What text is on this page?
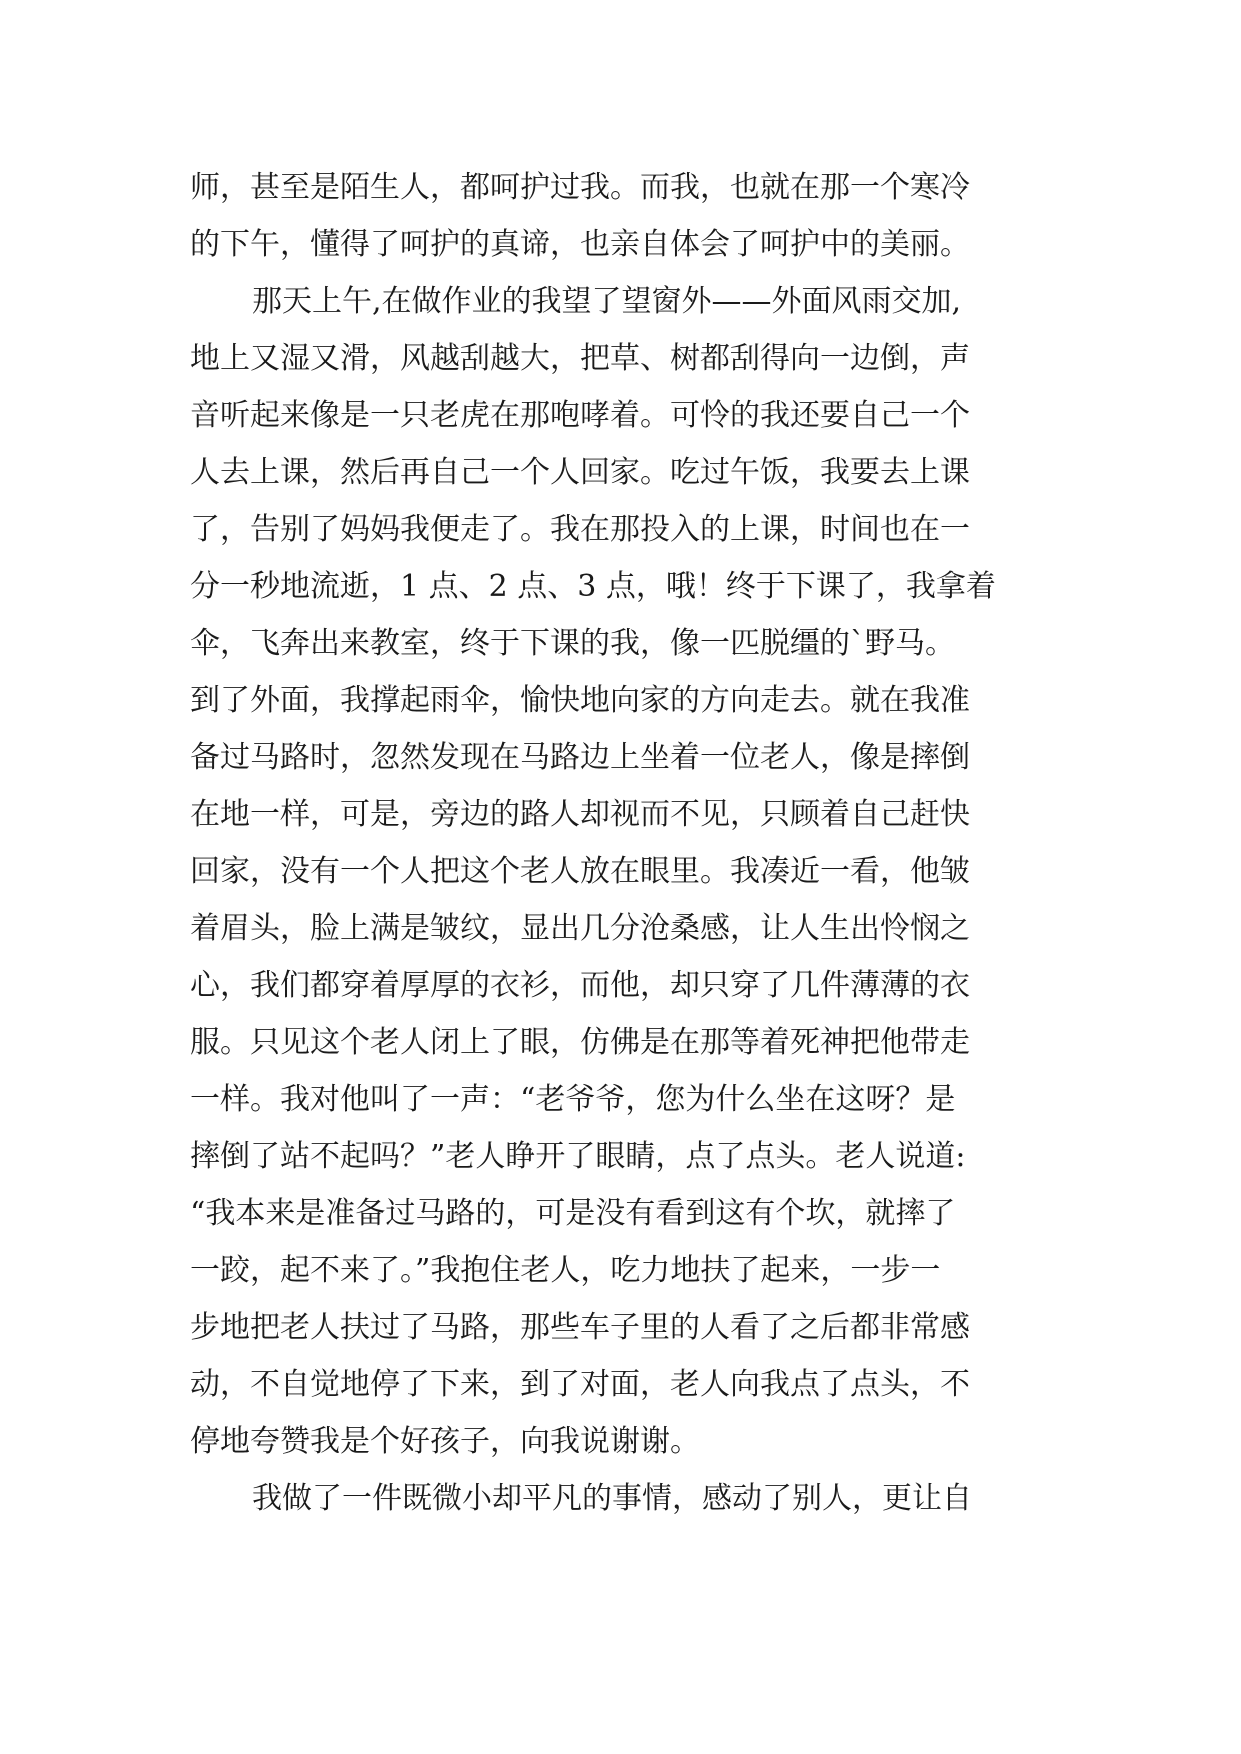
师，甚至是陌生人，都呵护过我。而我，也就在那一个寒冷

的下午，懂得了呵护的真谛，也亲自体会了呵护中的美丽。

那天上午,在做作业的我望了望窗外——外面风雨交加,

地上又湿又滑，风越刮越大，把草、树都刮得向一边倒，声

音听起来像是一只老虎在那咆哮着。可怜的我还要自己一个

人去上课，然后再自己一个人回家。吃过午饭，我要去上课

了，告别了妈妈我便走了。我在那投入的上课，时间也在一

分一秒地流逝，1 点、2 点、3 点，哦！终于下课了，我拿着

伞，飞奔出来教室，终于下课的我，像一匹脱缰的`野马。

到了外面，我撑起雨伞，愉快地向家的方向走去。就在我准

备过马路时，忽然发现在马路边上坐着一位老人，像是摔倒

在地一样，可是，旁边的路人却视而不见，只顾着自己赶快

回家，没有一个人把这个老人放在眼里。我凑近一看，他皱

着眉头，脸上满是皱纹，显出几分沧桑感，让人生出怜悯之

心，我们都穿着厚厚的衣衫，而他，却只穿了几件薄薄的衣

服。只见这个老人闭上了眼，仿佛是在那等着死神把他带走

一样。我对他叫了一声：“老爷爷，您为什么坐在这呀？是

摔倒了站不起吗？”老人睁开了眼睛，点了点头。老人说道:

“我本来是准备过马路的，可是没有看到这有个坎，就摔了

一跤，起不来了。”我抱住老人，吃力地扶了起来，一步一

步地把老人扶过了马路，那些车子里的人看了之后都非常感

动，不自觉地停了下来，到了对面，老人向我点了点头，不

停地夸赞我是个好孩子，向我说谢谢。

我做了一件既微小却平凡的事情，感动了别人，更让自
